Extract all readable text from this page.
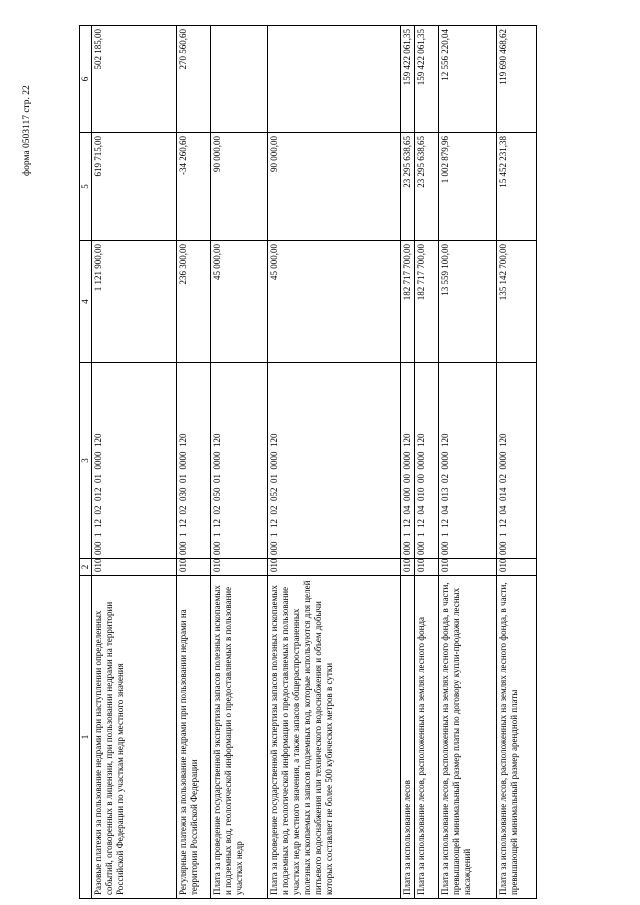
форма 0503117 стр. 22
1	2	3	4	5	6
Разовые платежи за пользование недрами при наступлении определенных событий, оговоренных в лицензии, при пользовании недрами на территории Российской Федерации по участкам недр местного значения	010	000  1  12  02  012  01  0000  120	1 121 900,00	619 715,00	502 185,00
Регулярные платежи за пользование недрами при пользовании недрами на территории Российской Федерации	010	000  1  12  02  030  01  0000  120	236 300,00	-34 260,60	270 560,60
Плата за проведение государственной экспертизы запасов полезных ископаемых и подземных вод, геологической информации о предоставляемых в пользование участках недр	010	000  1  12  02  050  01  0000  120	45 000,00	90 000,00	
Плата за проведение государственной экспертизы запасов полезных ископаемых и подземных вод, геологической информации о предоставляемых в пользование участках недр местного значения, а также запасов общераспространенных полезных ископаемых и запасов подземных вод, которые используются для целей питьевого водоснабжения или технического водоснабжения и объем добычи которых составляет не более 500 кубических метров в сутки	010	000  1  12  02  052  01  0000  120	45 000,00	90 000,00	
Плата за использование лесов	010	000  1  12  04  000  00  0000  120	182 717 700,00	23 295 638,65	159 422 061,35
Плата за использование лесов, расположенных на землях лесного фонда	010	000  1  12  04  010  00  0000  120	182 717 700,00	23 295 638,65	159 422 061,35
Плата за использование лесов, расположенных на землях лесного фонда, в части, превышающей минимальный размер платы по договору купли-продажи лесных насаждений	010	000  1  12  04  013  02  0000  120	13 559 100,00	1 002 879,96	12 556 220,04
Плата за использование лесов, расположенных на землях лесного фонда, в части, превышающей минимальный размер арендной платы	010	000  1  12  04  014  02  0000  120	135 142 700,00	15 452 231,38	119 690 468,62
